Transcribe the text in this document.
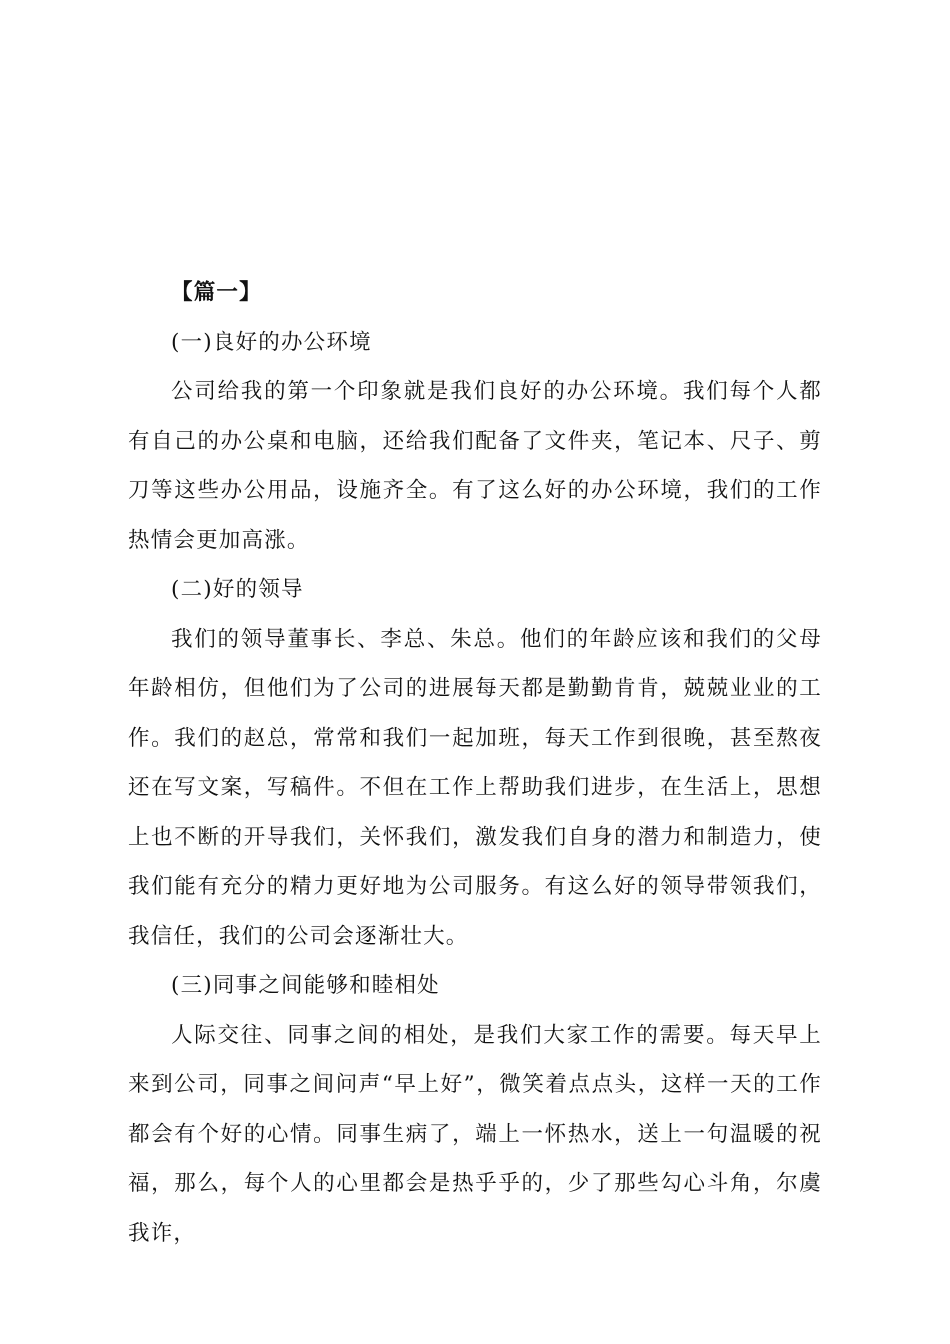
【篇一】

(一)良好的办公环境

公司给我的第一个印象就是我们良好的办公环境。我们每个人都有自己的办公桌和电脑，还给我们配备了文件夹，笔记本、尺子、剪刀等这些办公用品，设施齐全。有了这么好的办公环境，我们的工作热情会更加高涨。

(二)好的领导

我们的领导董事长、李总、朱总。他们的年龄应该和我们的父母年龄相仿，但他们为了公司的进展每天都是勤勤肯肯，兢兢业业的工作。我们的赵总，常常和我们一起加班，每天工作到很晚，甚至熬夜还在写文案，写稿件。不但在工作上帮助我们进步，在生活上，思想上也不断的开导我们，关怀我们，激发我们自身的潜力和制造力，使我们能有充分的精力更好地为公司服务。有这么好的领导带领我们，我信任，我们的公司会逐渐壮大。

(三)同事之间能够和睦相处

人际交往、同事之间的相处，是我们大家工作的需要。每天早上来到公司，同事之间问声“早上好”，微笑着点点头，这样一天的工作都会有个好的心情。同事生病了，端上一怀热水，送上一句温暖的祝福，那么，每个人的心里都会是热乎乎的，少了那些勾心斗角，尔虞我诈，
